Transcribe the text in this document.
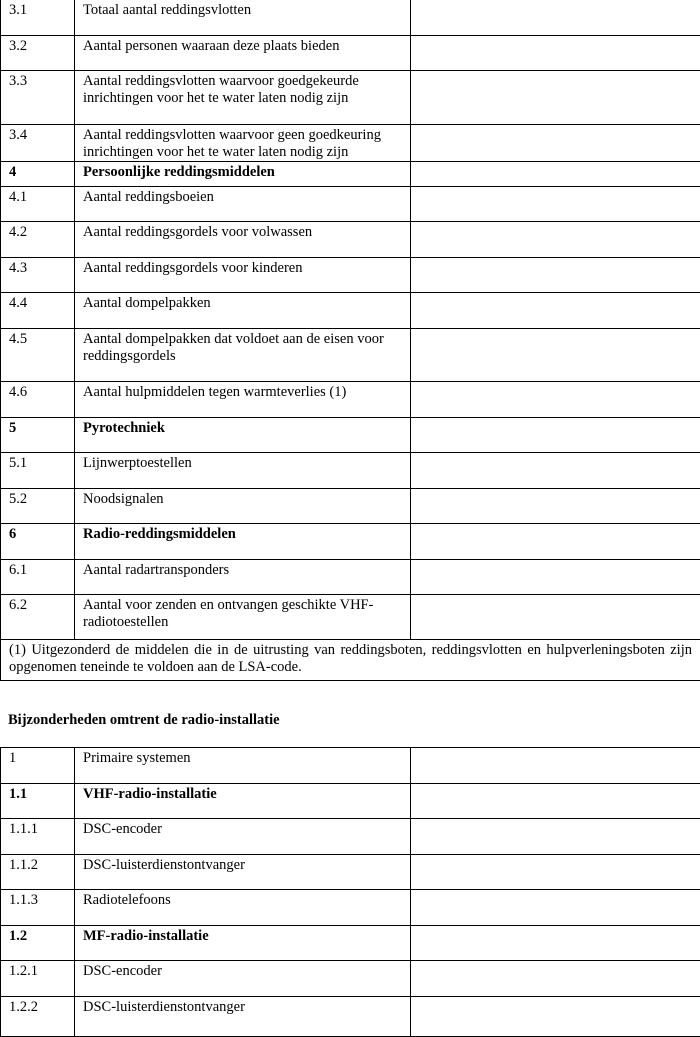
3.1	Totaal aantal reddingsvlotten	
3.2	Aantal personen waaraan deze plaats bieden	
3.3	Aantal reddingsvlotten waarvoor goedgekeurde inrichtingen voor het te water laten nodig zijn	
3.4	Aantal reddingsvlotten waarvoor geen goedkeuring inrichtingen voor het te water laten nodig zijn	
4	Persoonlijke reddingsmiddelen	
4.1	Aantal reddingsboeien	
4.2	Aantal reddingsgordels voor volwassen	
4.3	Aantal reddingsgordels voor kinderen	
4.4	Aantal dompelpakken	
4.5	Aantal dompelpakken dat voldoet aan de eisen voor reddingsgordels	
4.6	Aantal hulpmiddelen tegen warmteverlies (1)	
5	Pyrotechniek	
5.1	Lijnwerptoestellen	
5.2	Noodsignalen	
6	Radio-reddingsmiddelen	
6.1	Aantal radartransponders	
6.2	Aantal voor zenden en ontvangen geschikte VHF-radiotoestellen	
(1) Uitgezonderd de middelen die in de uitrusting van reddingsboten, reddingsvlotten en hulpverleningsboten zijn opgenomen teneinde te voldoen aan de LSA-code.		
Bijzonderheden omtrent de radio-installatie
1	Primaire systemen	
1.1	VHF-radio-installatie	
1.1.1	DSC-encoder	
1.1.2	DSC-luisterdienstontvanger	
1.1.3	Radiotelefoons	
1.2	MF-radio-installatie	
1.2.1	DSC-encoder	
1.2.2	DSC-luisterdienstontvanger	
